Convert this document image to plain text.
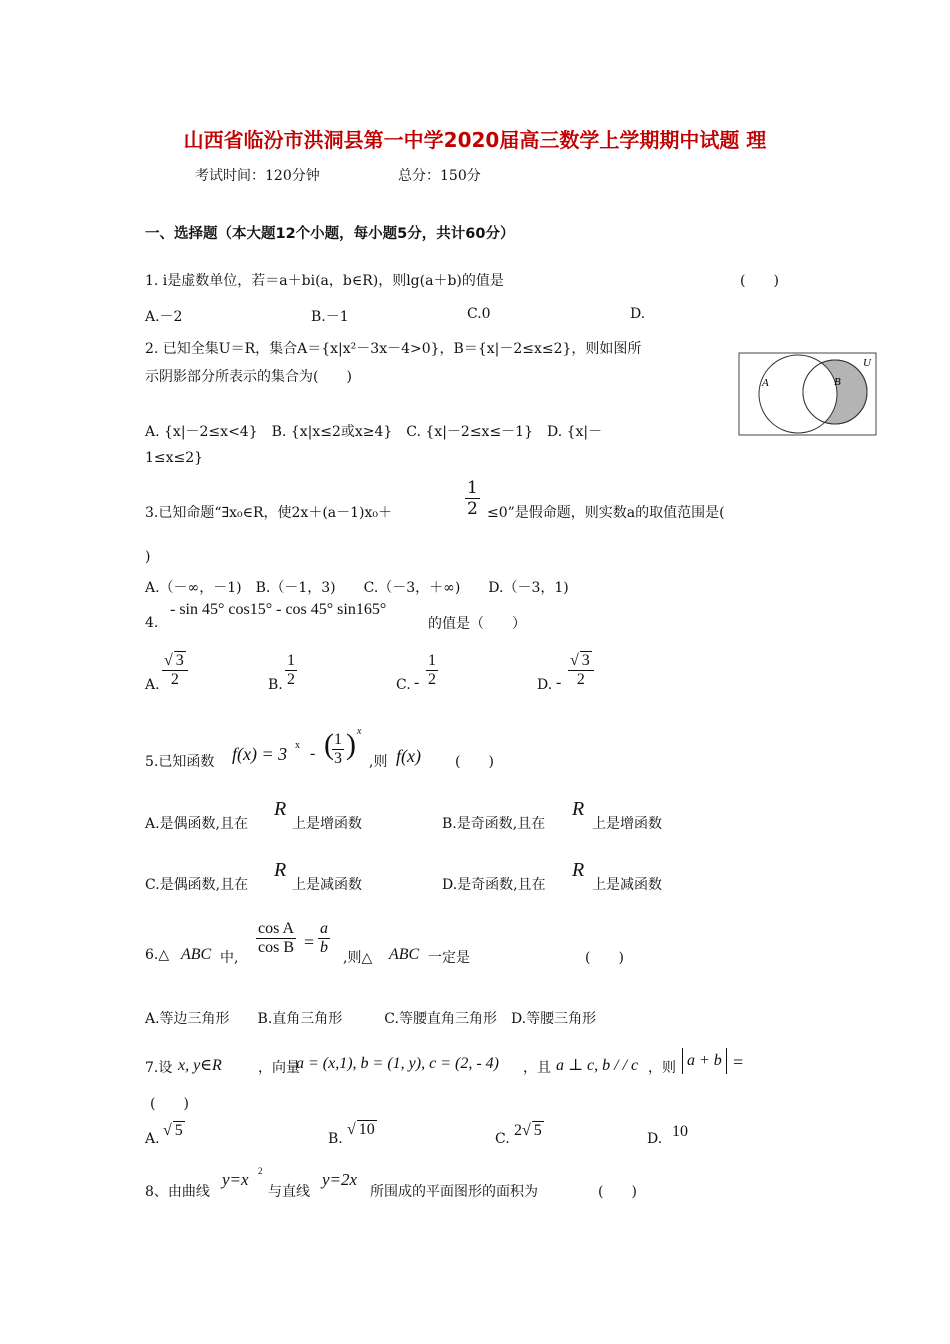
山西省临汾市洪洞县第一中学2020届高三数学上学期期中试题 理
考试时间：120分钟	总分：150分
一、选择题（本大题12个小题，每小题5分，共计60分）
1. i是虚数单位，若＝a＋bi(a，b∈R)，则lg(a＋b)的值是	(　　)
A.－2	B.－1	C.0	D.
2. 已知全集U＝R，集合A＝{x|x²－3x－4>0}，B＝{x|－2≤x≤2}，则如图所
示阴影部分所表示的集合为(　　)
U
A	B
A. {x|－2≤x<4}　B. {x|x≤2或x≥4}　C. {x|－2≤x≤－1}　D. {x|－
1≤x≤2}
3.已知命题“∃x₀∈R，使2x＋(a－1)x₀＋	$\frac{1}{2} \le 0$”是假命题，则实数a的取值范围是(
)
A.（－∞，－1)　B.（－1，3)　　C.（－3，＋∞)　　D.（－3，1)
- sin 45° cos15° - cos 45° sin165°
4.	的值是（　　）
A. $\frac{√ 3}{2}$	B. $\frac{1}{2}$	C. - $\frac{1}{2}$	D. - $\frac{√ 3}{2}$
5.已知函数 f(x) = 3 x - (
$\frac{1}{3}$ ) x
,则 f(x) (　　)
A.是偶函数,且在
R
上是增函数	B.是奇函数,且在
R
上是增函数
C.是偶函数,且在
R
上是减函数	D.是奇函数,且在
R
上是减函数
6.△ ABC 中,
$\frac{\text{cos A}}{\text{cos B}} = \frac{a}{b}$
,则△ ABC 一定是	(　　)
A.等边三角形　　B.直角三角形　　　C.等腰直角三角形　D.等腰三角形
7.设 x, y∈R	，向量
a = (x,1), b = (1, y), c = (2, - 4) ，且 a ⊥ c, b / / c ，则 a + b =
(　　)
A. √ 5	B.
√ 10
C. 2√ 5	D. 10
8、由曲线
y=x 2
与直线
y=2x
所围成的平面图形的面积为	(　　)
